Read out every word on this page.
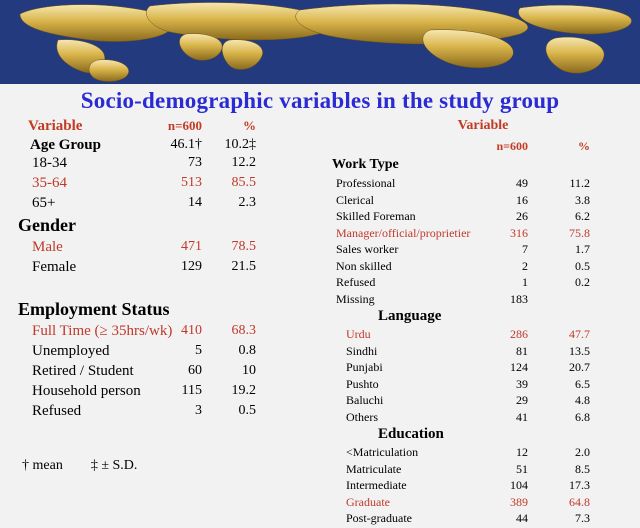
Socio-demographic variables in the study group
Variable	n=600	%
Age Group	46.1†	10.2‡
18-34	73	12.2
35-64	513	85.5
65+	14	2.3
Gender
Male	471	78.5
Female	129	21.5
Employment Status
Full Time (≥ 35hrs/wk) 410	68.3
Unemployed	5	0.8
Retired / Student	60	10
Household person	115	19.2
Refused	3	0.5
Variable
n=600	%
Work Type
Professional	49	11.2
Clerical	16	3.8
Skilled Foreman	26	6.2
Manager/official/proprietier	316	75.8
Sales worker	7	1.7
Non skilled	2	0.5
Refused	1	0.2
Missing	183
Language
Urdu	286	47.7
Sindhi	81	13.5
Punjabi	124	20.7
Pushto	39	6.5
Baluchi	29	4.8
Others	41	6.8
Education
<Matriculation	12	2.0
Matriculate	51	8.5
Intermediate	104	17.3
Graduate	389	64.8
Post-graduate	44	7.3
† mean ‡ ± S.D.
